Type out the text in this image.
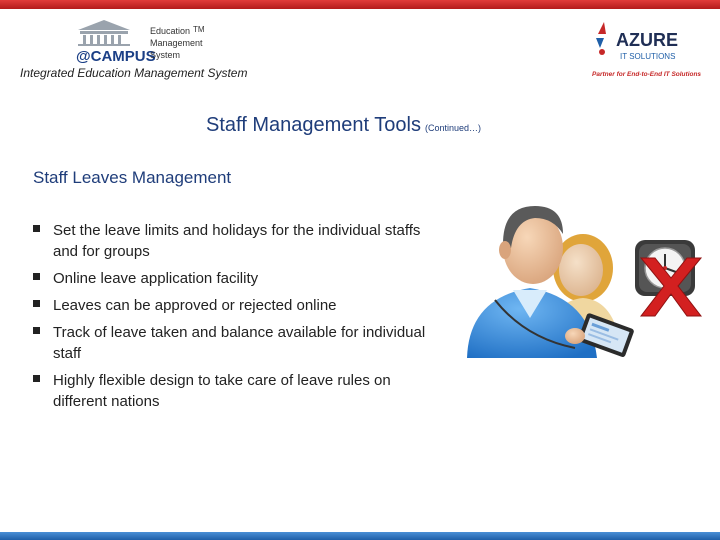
@CAMPUS
Education TM
Management
System
Integrated Education Management System
AZURE
IT SOLUTIONS
Partner for End-to-End IT Solutions
Staff Management Tools (Continued…)
Staff Leaves Management
Set the leave limits and holidays for the individual staffs and for groups
Online leave application facility
Leaves can be approved or rejected online
Track of leave taken and balance available for individual staff
Highly flexible design to take care of leave rules on different nations
